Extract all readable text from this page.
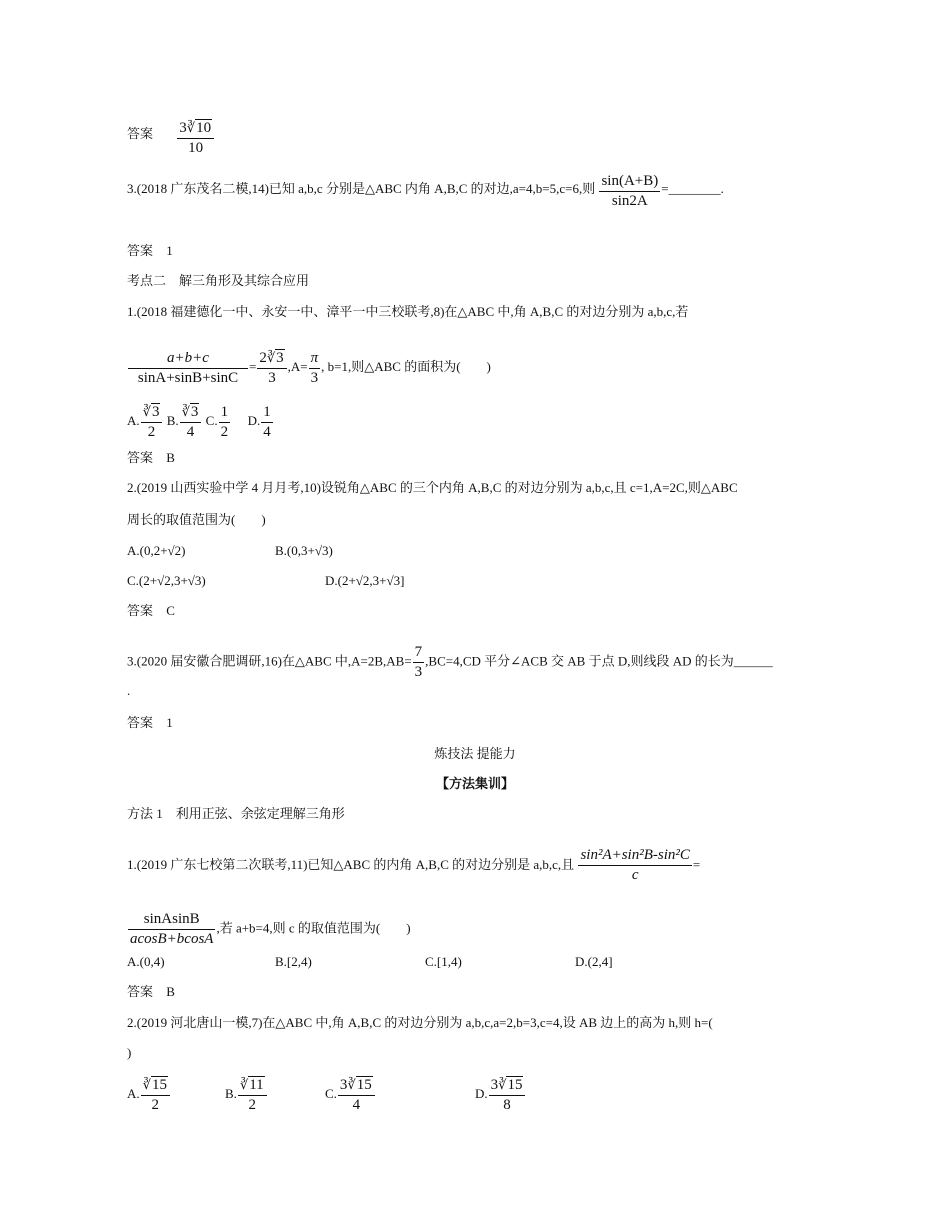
答案 $\frac{3∛10}{10}$
3.(2018 广东茂名二模,14)已知 a,b,c 分别是△ABC 内角 A,B,C 的对边,a=4,b=5,c=6,则 $\frac{\sin(A+B)}{\sin 2A}$ =________.
答案 1
考点二　解三角形及其综合应用
1.(2018 福建德化一中、永安一中、漳平一中三校联考,8)在△ABC 中,角 A,B,C 的对边分别为 a,b,c,若
$\frac{a+b+c}{\sin A+\sin B+\sin C} = \frac{2∛3}{3} ,A= \frac{\pi}{3}$ , b=1,则△ABC 的面积为(　　)
A. $\frac{∛3}{2} B$. $\frac{∛3}{4} C$. $\frac{1}{2} D$. $\frac{1}{4}$
答案 B
2.(2019 山西实验中学 4 月月考,10)设锐角△ABC 的三个内角 A,B,C 的对边分别为 a,b,c,且 c=1,A=2C,则△ABC
周长的取值范围为(　　)
A.(0,2+√2)	B.(0,3+√3)
C.(2+√2,3+√3)	D.(2+√2,3+√3]
答案 C
3.(2020 届安徽合肥调研,16)在△ABC 中$,A=2B,AB= \frac{7}{3} ,BC=4,CD$ 平分∠ACB 交 AB 于点 D,则线段 AD 的长为______
.
答案 1
炼技法 提能力
【方法集训】
方法 1　利用正弦、余弦定理解三角形
1.(2019 广东七校第二次联考,11)已知△ABC 的内角 A,B,C 的对边分别是 a,b,c,且 $\frac{\text{sin²A+sin²B-sin²C}}{c}$ =
$\frac{\text{sinAsinB}}{acosB+bcosA}$ ,若 a+b=4,则 c 的取值范围为(　　)
A.(0,4)	B.[2,4)	C.[1,4)	D.(2,4]
答案 B
2.(2019 河北唐山一模,7)在△ABC 中,角 A,B,C 的对边分别为 a,b,c,a=2,b=3,c=4,设 AB 边上的高为 h,则 h=(
)
A. $\frac{∛15}{2}$	B. $\frac{∛11}{2}$	C. $\frac{3∛15}{4}$	D. $\frac{3∛15}{8}$
